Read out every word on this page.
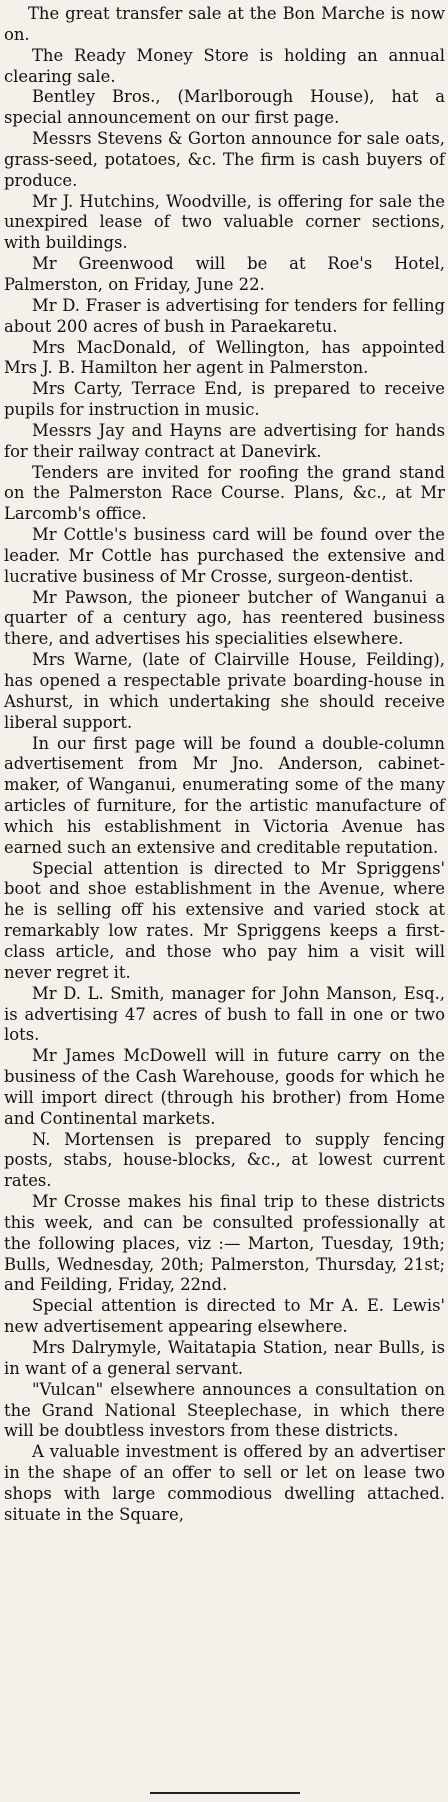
The great transfer sale at the Bon Marche is now on.

The Ready Money Store is holding an annual clearing sale.

Bentley Bros., (Marlborough House), hat a special announcement on our first page.

Messrs Stevens & Gorton announce for sale oats, grass-seed, potatoes, &c. The firm is cash buyers of produce.

Mr J. Hutchins, Woodville, is offering for sale the unexpired lease of two valuable corner sections, with buildings.

Mr Greenwood will be at Roe's Hotel, Palmerston, on Friday, June 22.

Mr D. Fraser is advertising for tenders for felling about 200 acres of bush in Paraekaretu.

Mrs MacDonald, of Wellington, has appointed Mrs J. B. Hamilton her agent in Palmerston.

Mrs Carty, Terrace End, is prepared to receive pupils for instruction in music.

Messrs Jay and Hayns are advertising for hands for their railway contract at Danevirk.

Tenders are invited for roofing the grand stand on the Palmerston Race Course. Plans, &c., at Mr Larcomb's office.

Mr Cottle's business card will be found over the leader. Mr Cottle has purchased the extensive and lucrative business of Mr Crosse, surgeon-dentist.

Mr Pawson, the pioneer butcher of Wanganui a quarter of a century ago, has reentered business there, and advertises his specialities elsewhere.

Mrs Warne, (late of Clairville House, Feilding), has opened a respectable private boarding-house in Ashurst, in which undertaking she should receive liberal support.

In our first page will be found a double-column advertisement from Mr Jno. Anderson, cabinet-maker, of Wanganui, enumerating some of the many articles of furniture, for the artistic manufacture of which his establishment in Victoria Avenue has earned such an extensive and creditable reputation.

Special attention is directed to Mr Spriggens' boot and shoe establishment in the Avenue, where he is selling off his extensive and varied stock at remarkably low rates. Mr Spriggens keeps a first-class article, and those who pay him a visit will never regret it.

Mr D. L. Smith, manager for John Manson, Esq., is advertising 47 acres of bush to fall in one or two lots.

Mr James McDowell will in future carry on the business of the Cash Warehouse, goods for which he will import direct (through his brother) from Home and Continental markets.

N. Mortensen is prepared to supply fencing posts, stabs, house-blocks, &c., at lowest current rates.

Mr Crosse makes his final trip to these districts this week, and can be consulted professionally at the following places, viz :— Marton, Tuesday, 19th; Bulls, Wednesday, 20th; Palmerston, Thursday, 21st; and Feilding, Friday, 22nd.

Special attention is directed to Mr A. E. Lewis' new advertisement appearing elsewhere.

Mrs Dalrymyle, Waitatapia Station, near Bulls, is in want of a general servant.

"Vulcan" elsewhere announces a consultation on the Grand National Steeplechase, in which there will be doubtless investors from these districts.

A valuable investment is offered by an advertiser in the shape of an offer to sell or let on lease two shops with large commodious dwelling attached. situate in the Square,
